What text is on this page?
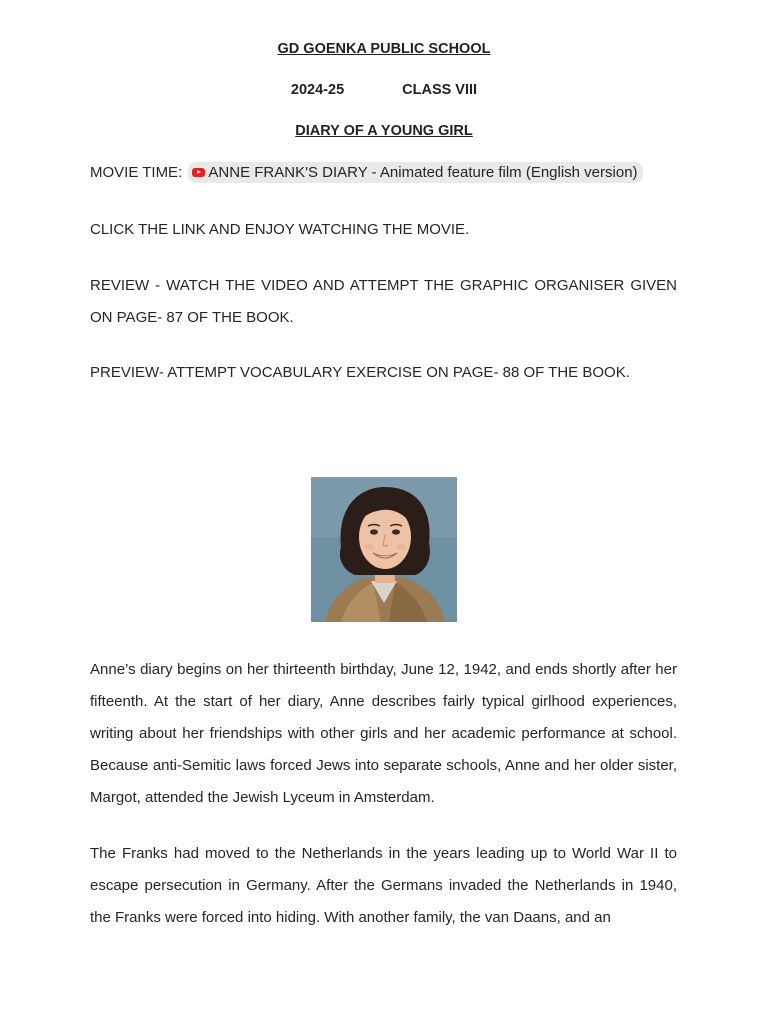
GD GOENKA PUBLIC SCHOOL
2024-25	CLASS VIII
DIARY OF A YOUNG GIRL
MOVIE TIME: ANNE FRANK'S DIARY - Animated feature film (English version)
CLICK THE LINK AND ENJOY WATCHING THE MOVIE.
REVIEW - WATCH THE VIDEO AND ATTEMPT THE GRAPHIC ORGANISER GIVEN ON PAGE- 87 OF THE BOOK.
PREVIEW- ATTEMPT VOCABULARY EXERCISE ON PAGE- 88 OF THE BOOK.
Anne’s diary begins on her thirteenth birthday, June 12, 1942, and ends shortly after her fifteenth. At the start of her diary, Anne describes fairly typical girlhood experiences, writing about her friendships with other girls and her academic performance at school. Because anti-Semitic laws forced Jews into separate schools, Anne and her older sister, Margot, attended the Jewish Lyceum in Amsterdam.
The Franks had moved to the Netherlands in the years leading up to World War II to escape persecution in Germany. After the Germans invaded the Netherlands in 1940, the Franks were forced into hiding. With another family, the van Daans, and an
